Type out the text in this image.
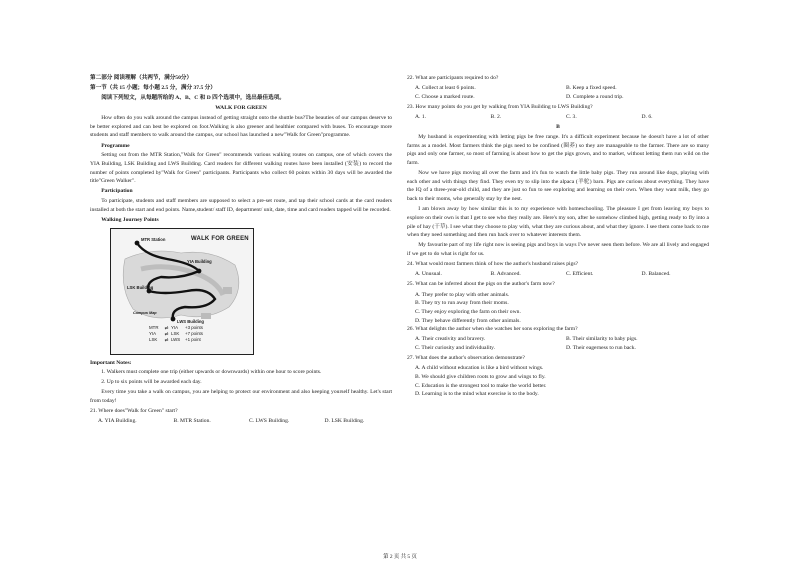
第二部分 阅读理解（共两节，满分50分）

第一节（共 15 小题；每小题 2.5 分，满分 37.5 分）

阅读下列短文，从每题所给的 A、B、C 和 D 四个选项中，选出最佳选项。

WALK FOR GREEN

How often do you walk around the campus instead of getting straight onto the shuttle bus?The beauties of our campus deserve to be better explored and can best be explored on foot.Walking is also greener and healthier compared with buses. To encourage more students and staff members to walk around the campus, our school has launched a new"Walk for Green"programme.

Programme

Setting out from the MTR Station,"Walk for Green" recommends various walking routes on campus, one of which covers the YIA Building, LSK Building and LWS Building. Card readers for different walking routes have been installed (安装) to record the number of points completed by"Walk for Green" participants. Participants who collect 60 points within 30 days will be awarded the title"Green Walker".

Participation

To participate, students and staff members are supposed to select a pre-set route, and tap their school cards at the card readers installed at both the start and end points. Name,student/ staff ID, department/ unit, date, time and card readers tapped will be recorded.

Walking Journey Points

MTR Station	WALK FOR GREEN
YIA Building
LSK Building
LWS Building
Campus Map
MTR	⇌ YIA	+3 points
YIA	⇌ LSK	+7 points
LSK	⇌ LWS	+1 point

Important Notes:

1. Walkers must complete one trip (either upwards or downwards) within one hour to score points.

2. Up to six points will be awarded each day.

Every time you take a walk on campus, you are helping to protect our environment and also keeping yourself healthy. Let's start from today!

21. Where does"Walk for Green" start?

A. YIA Building.	B. MTR Station.	C. LWS Building.	D. LSK Building.

22. What are participants required to do?

A. Collect at least 6 points.	B. Keep a fixed speed.
C. Choose a marked route.	D. Complete a round trip.

23. How many points do you get by walking from YIA Building to LWS Building?

A. 1.	B. 2.	C. 3.	D. 6.

B

My husband is experimenting with letting pigs be free range. It's a difficult experiment because he doesn't have a lot of other farms as a model. Most farmers think the pigs need to be confined (圈养) so they are manageable to the farmer. There are so many pigs and only one farmer, so most of farming is about how to get the pigs grown, and to market, without letting them run wild on the farm.

Now we have pigs moving all over the farm and it's fun to watch the little baby pigs. They run around like dogs, playing with each other and with things they find. They even try to slip into the alpaca (羊驼) barn. Pigs are curious about everything. They have the IQ of a three-year-old child, and they are just so fun to see exploring and learning on their own. When they want milk, they go back to their moms, who generally stay by the nest.

I am blown away by how similar this is to my experience with homeschooling. The pleasure I get from leaving my boys to explore on their own is that I get to see who they really are. Here's my son, after he somehow climbed high, getting ready to fly into a pile of hay (干草). I see what they choose to play with, what they are curious about, and what they ignore. I see them come back to me when they need something and then run back over to whatever interests them.

My favourite part of my life right now is seeing pigs and boys in ways I've never seen them before. We are all lively and engaged if we get to do what is right for us.

24. What would most farmers think of how the author's husband raises pigs?

A. Unusual.	B. Advanced.	C. Efficient.	D. Balanced.

25. What can be inferred about the pigs on the author's farm now?

A. They prefer to play with other animals.
B. They try to run away from their moms.
C. They enjoy exploring the farm on their own.
D. They behave differently from other animals.

26. What delights the author when she watches her sons exploring the farm?

A. Their creativity and bravery.	B. Their similarity to baby pigs.
C. Their curiosity and individuality.	D. Their eagerness to run back.

27. What does the author's observation demonstrate?

A. A child without education is like a bird without wings.
B. We should give children roots to grow and wings to fly.
C. Education is the strongest tool to make the world better.
D. Learning is to the mind what exercise is to the body.
第 2 页 共 5 页
